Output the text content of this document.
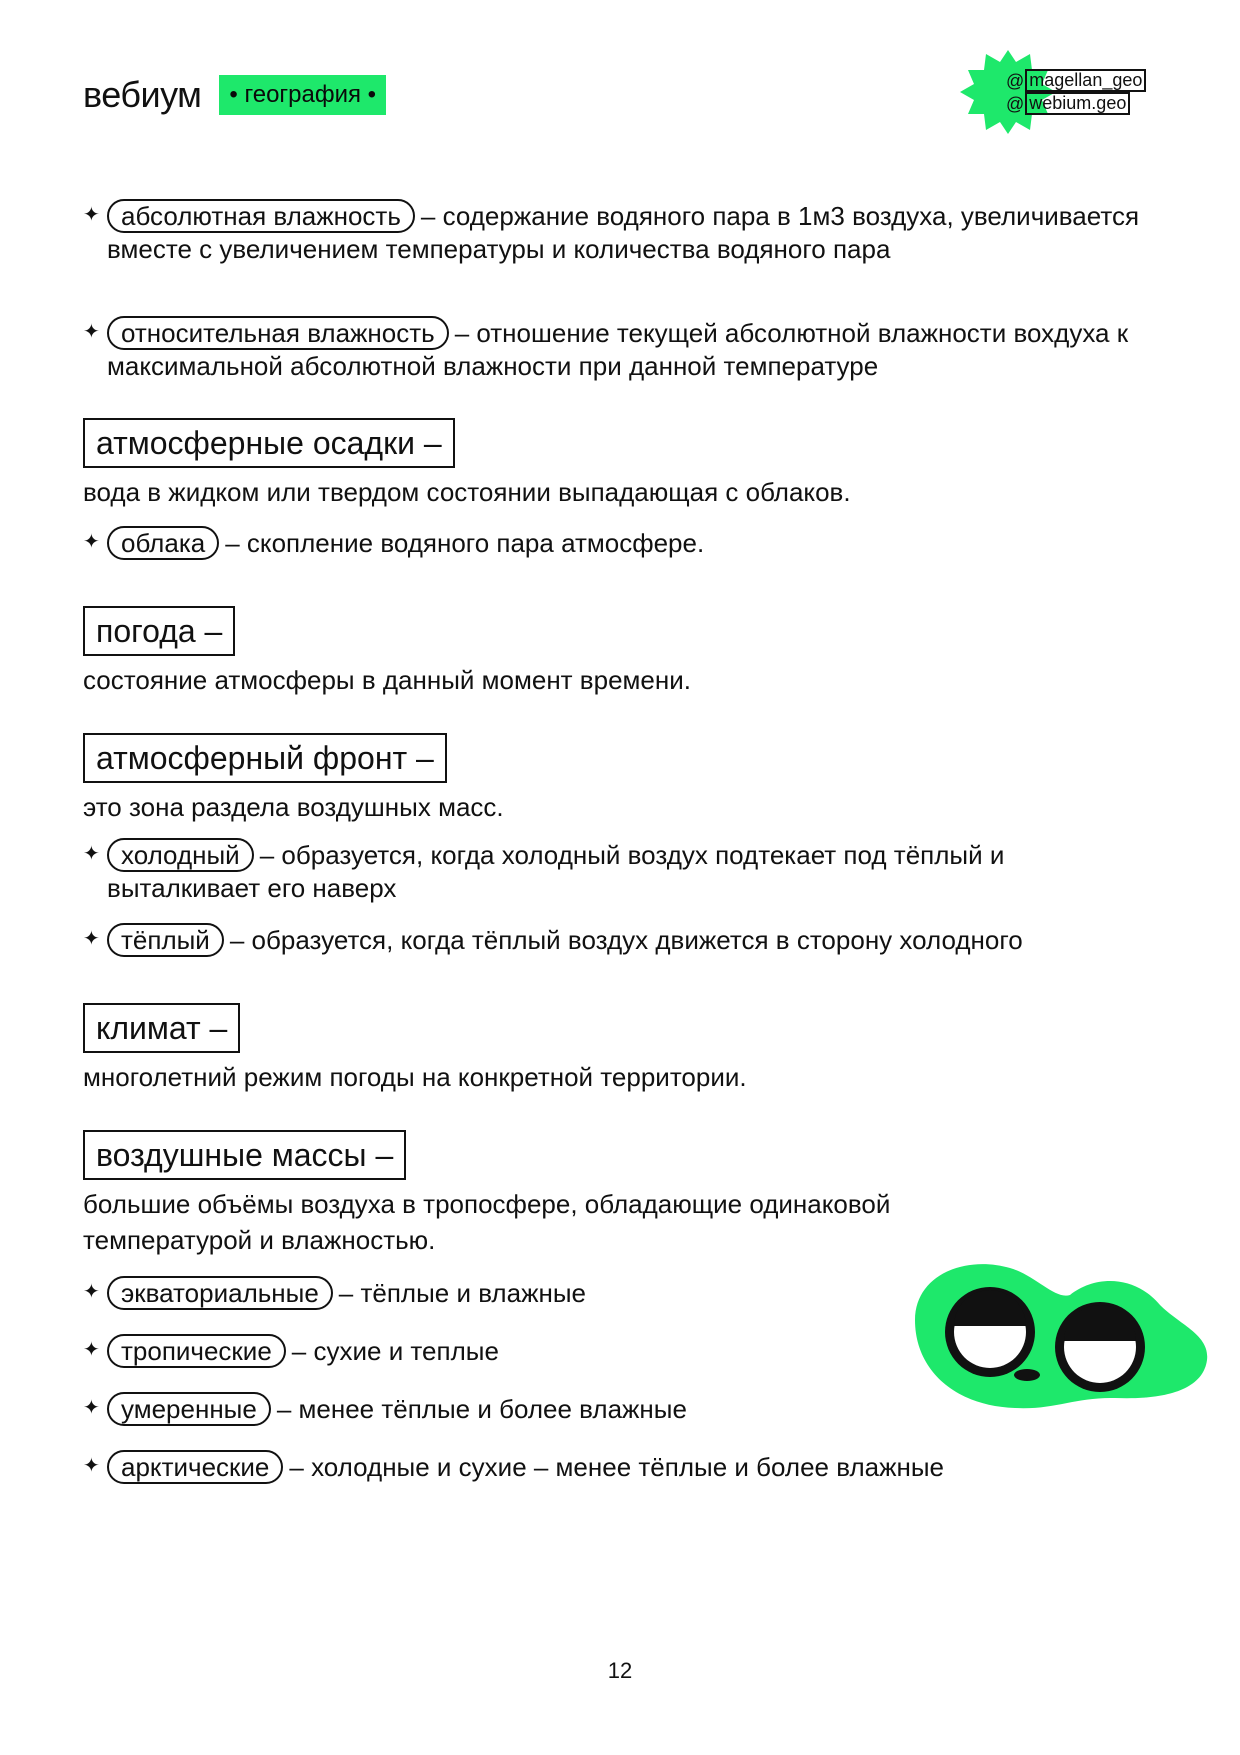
вебиум	• география •
@ magellan_geo
@ webium.geo
✦ абсолютная влажность – содержание водяного пара в 1м3 воздуха, увеличивается вместе с увеличением температуры и количества водяного пара
✦ относительная влажность – отношение текущей абсолютной влажности вохдуха к максимальной абсолютной влажности при данной температуре
атмосферные осадки –
вода в жидком или твердом состоянии выпадающая с облаков.
✦ облака – скопление водяного пара атмосфере.
погода –
состояние атмосферы в данный момент времени.
атмосферный фронт –
это зона раздела воздушных масс.
✦ холодный – образуется, когда холодный воздух подтекает под тёплый и выталкивает его наверх
✦ тёплый – образуется, когда тёплый воздух движется в сторону холодного
климат –
многолетний режим погоды на конкретной территории.
воздушные массы –
большие объёмы воздуха в тропосфере, обладающие одинаковой температурой и влажностью.
✦ экваториальные – тёплые и влажные
✦ тропические – сухие и теплые
✦ умеренные – менее тёплые и более влажные
✦ арктические – холодные и сухие – менее тёплые и более влажные
12
